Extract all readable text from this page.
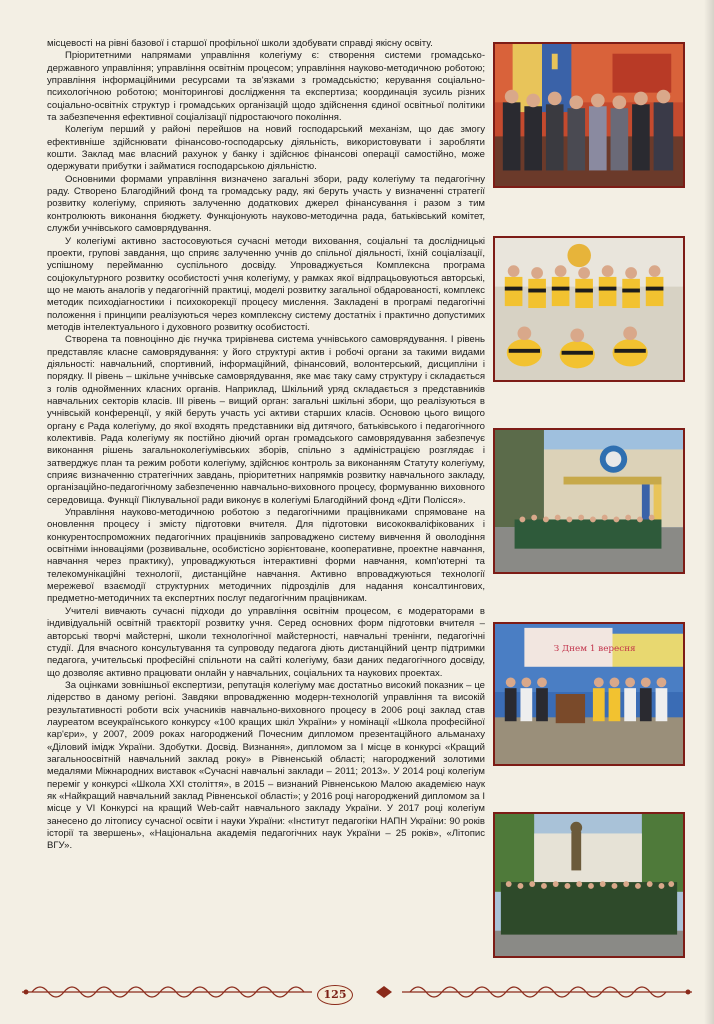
місцевості на рівні базової і старшої профільної школи здобувати справді якісну освіту.

Пріоритетними напрямами управління колегіуму є: створення системи громадсько-державного управління; управління освітнім процесом; управління науково-методичною роботою; управління інформаційними ресурсами та зв'язками з громадськістю; керування соціально-психологічною роботою; моніторингові дослідження та експертиза; координація зусиль різних соціально-освітніх структур і громадських організацій щодо здійснення єдиної освітньої політики та забезпечення ефективної соціалізації підростаючого покоління.

Колегіум перший у районі перейшов на новий господарський механізм, що дає змогу ефективніше здійснювати фінансово-господарську діяльність, використовувати і заробляти кошти. Заклад має власний рахунок у банку і здійснює фінансові операції самостійно, може одержувати прибутки і займатися господарською діяльністю.

Основними формами управління визначено загальні збори, раду колегіуму та педагогічну раду. Створено Благодійний фонд та громадську раду, які беруть участь у визначенні стратегії розвитку колегіуму, сприяють залученню додаткових джерел фінансування і разом з тим контролюють виконання бюджету. Функціонують науково-методична рада, батьківський комітет, служби учнівського самоврядування.

У колегіумі активно застосовуються сучасні методи виховання, соціальні та дослідницькі проекти, групові завдання, що сприяє залученню учнів до спільної діяльності, їхній соціалізації, успішному перейманню суспільного досвіду. Упроваджується Комплексна програма соціокультурного розвитку особистості учня колегіуму, у рамках якої відпрацьовуються авторські, що не мають аналогів у педагогічній практиці, моделі розвитку загальної обдарованості, комплекс методик психодіагностики і психокорекції процесу мислення. Закладені в програмі педагогічні положення і принципи реалізуються через комплексну систему достатніх і практично допустимих методів інтелектуального і духовного розвитку особистості.

Створена та повноцінно діє гнучка трирівнева система учнівського самоврядування. I рівень представляє класне самоврядування: у його структурі актив і робочі органи за такими видами діяльності: навчальний, спортивний, інформаційний, фінансовий, волонтерський, дисципліни і порядку. II рівень – шкільне учнівське самоврядування, яке має таку саму структуру і складається з голів однойменних класних органів. Наприклад, Шкільний уряд складається з представників навчальних секторів класів. III рівень – вищий орган: загальні шкільні збори, що реалізуються в учнівській конференції, у якій беруть участь усі активи старших класів. Основою цього вищого органу є Рада колегіуму, до якої входять представники від дитячого, батьківського і педагогічного колективів. Рада колегіуму як постійно діючий орган громадського самоврядування забезпечує виконання рішень загальноколегіумівських зборів, спільно з адміністрацією розглядає і затверджує план та режим роботи колегіуму, здійснює контроль за виконанням Статуту колегіуму, сприяє визначенню стратегічних завдань, пріоритетних напрямків розвитку навчального закладу, організаційно-педагогічному забезпеченню навчально-виховного процесу, формуванню виховного середовища. Функції Піклувальної ради виконує в колегіумі Благодійний фонд «Діти Полісся».

Управління науково-методичною роботою з педагогічними працівниками спрямоване на оновлення процесу і змісту підготовки вчителя. Для підготовки висококваліфікованих і конкурентоспроможних педагогічних працівників запроваджено систему вивчення й оволодіння освітніми інноваціями (розвивальне, особистісно зорієнтоване, кооперативне, проектне навчання, навчання через практику), упроваджуються інтерактивні форми навчання, комп'ютерні та телекомунікаційні технології, дистанційне навчання. Активно впроваджуються технології мережевої взаємодії структурних методичних підрозділів для надання консалтингових, предметно-методичних та експертних послуг педагогічним працівникам.

Учителі вивчають сучасні підходи до управління освітнім процесом, є модераторами в індивідуальній освітній траєкторії розвитку учня. Серед основних форм підготовки вчителя – авторські творчі майстерні, школи технологічної майстерності, навчальні тренінги, педагогічні студії. Для вчасного консультування та супроводу педагога діють дистанційний центр підтримки педагога, учительські професійні спільноти на сайті колегіуму, бази даних педагогічного досвіду, що дозволяє активно працювати онлайн у навчальних, соціальних та наукових проектах.

За оцінками зовнішньої експертизи, репутація колегіуму має достатньо високий показник – це лідерство в даному регіоні. Завдяки впровадженню модерн-технологій управління та високій результативності роботи всіх учасників навчально-виховного процесу в 2006 році заклад став лауреатом всеукраїнського конкурсу «100 кращих шкіл України» у номінації «Школа професійної кар'єри», у 2007, 2009 роках нагороджений Почесним дипломом презентаційного альманаху «Діловий імідж України. Здобутки. Досвід. Визнання», дипломом за I місце в конкурсі «Кращий загальноосвітній навчальний заклад року» в Рівненській області; нагороджений золотими медалями Міжнародних виставок «Сучасні навчальні заклади – 2011; 2013». У 2014 році колегіум переміг у конкурсі «Школа XXI століття», в 2015 – визнаний Рівненською Малою академією наук як «Найкращий навчальний заклад Рівненської області»; у 2016 році нагороджений дипломом за I місце у VI Конкурсі на кращий Web-сайт навчального закладу України. У 2017 році колегіум занесено до літопису сучасної освіти і науки України: «Інститут педагогіки НАПН України: 90 років історії та звершень», «Національна академія педагогічних наук України – 25 років», «Літопис ВГУ».

З Днем 1 вересня
125
